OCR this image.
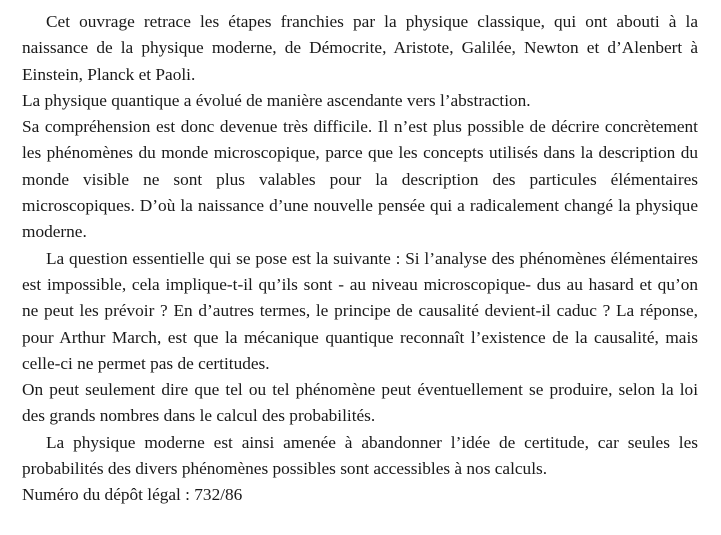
Cet ouvrage retrace les étapes franchies par la physique classique, qui ont abouti à la naissance de la physique moderne, de Démocrite, Aristote, Galilée, Newton et d’Alenbert à Einstein, Planck et Paoli.

La physique quantique a évolué de manière ascendante vers l’abstraction.

Sa compréhension est donc devenue très difficile. Il n’est plus possible de décrire concrètement les phénomènes du monde microscopique, parce que les concepts utilisés dans la description du monde visible ne sont plus valables pour la description des particules élémentaires microscopiques. D’où la naissance d’une nouvelle pensée qui a radicalement changé la physique moderne.

La question essentielle qui se pose est la suivante : Si l’analyse des phénomènes élémentaires est impossible, cela implique-t-il qu’ils sont - au niveau microscopique- dus au hasard et qu’on ne peut les prévoir ? En d’autres termes, le principe de causalité devient-il caduc ? La réponse, pour Arthur March, est que la mécanique quantique reconnaît l’existence de la causalité, mais celle-ci ne permet pas de certitudes.

On peut seulement dire que tel ou tel phénomène peut éventuellement se produire, selon la loi des grands nombres dans le calcul des probabilités.

La physique moderne est ainsi amenée à abandonner l’idée de certitude, car seules les probabilités des divers phénomènes possibles sont accessibles à nos calculs.

Numéro du dépôt légal : 732/86
